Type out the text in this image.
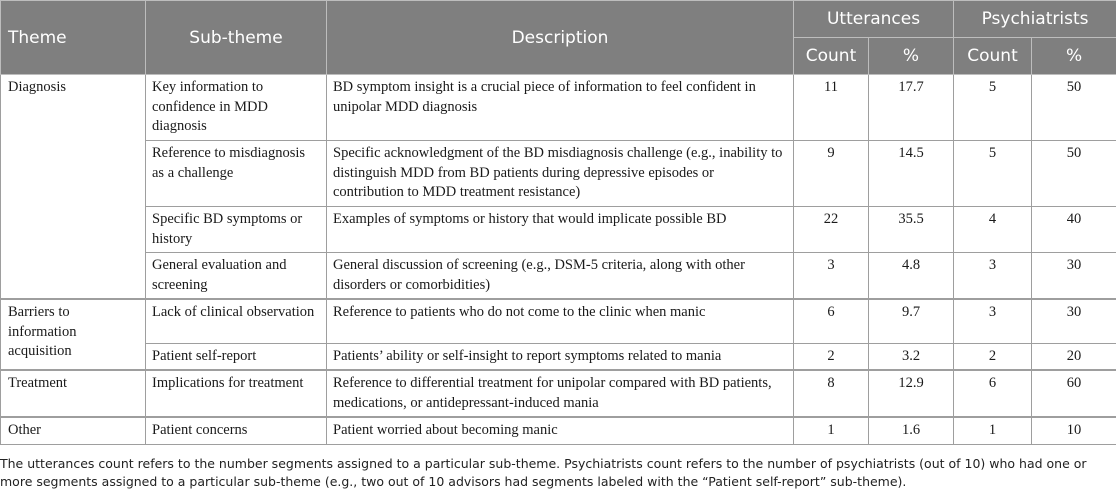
Theme	Sub-theme	Description	Utterances		Psychiatrists	
			Count	%	Count	%
Diagnosis	Key information to confidence in MDD diagnosis	BD symptom insight is a crucial piece of information to feel confident in unipolar MDD diagnosis	11	17.7	5	50
	Reference to misdiagnosis as a challenge	Specific acknowledgment of the BD misdiagnosis challenge (e.g., inability to distinguish MDD from BD patients during depressive episodes or contribution to MDD treatment resistance)	9	14.5	5	50
	Specific BD symptoms or history	Examples of symptoms or history that would implicate possible BD	22	35.5	4	40
	General evaluation and screening	General discussion of screening (e.g., DSM-5 criteria, along with other disorders or comorbidities)	3	4.8	3	30
Barriers to information acquisition	Lack of clinical observation	Reference to patients who do not come to the clinic when manic	6	9.7	3	30
	Patient self-report	Patients’ ability or self-insight to report symptoms related to mania	2	3.2	2	20
Treatment	Implications for treatment	Reference to differential treatment for unipolar compared with BD patients, medications, or antidepressant-induced mania	8	12.9	6	60
Other	Patient concerns	Patient worried about becoming manic	1	1.6	1	10
The utterances count refers to the number segments assigned to a particular sub-theme. Psychiatrists count refers to the number of psychiatrists (out of 10) who had one or more segments assigned to a particular sub-theme (e.g., two out of 10 advisors had segments labeled with the “Patient self-report” sub-theme).
